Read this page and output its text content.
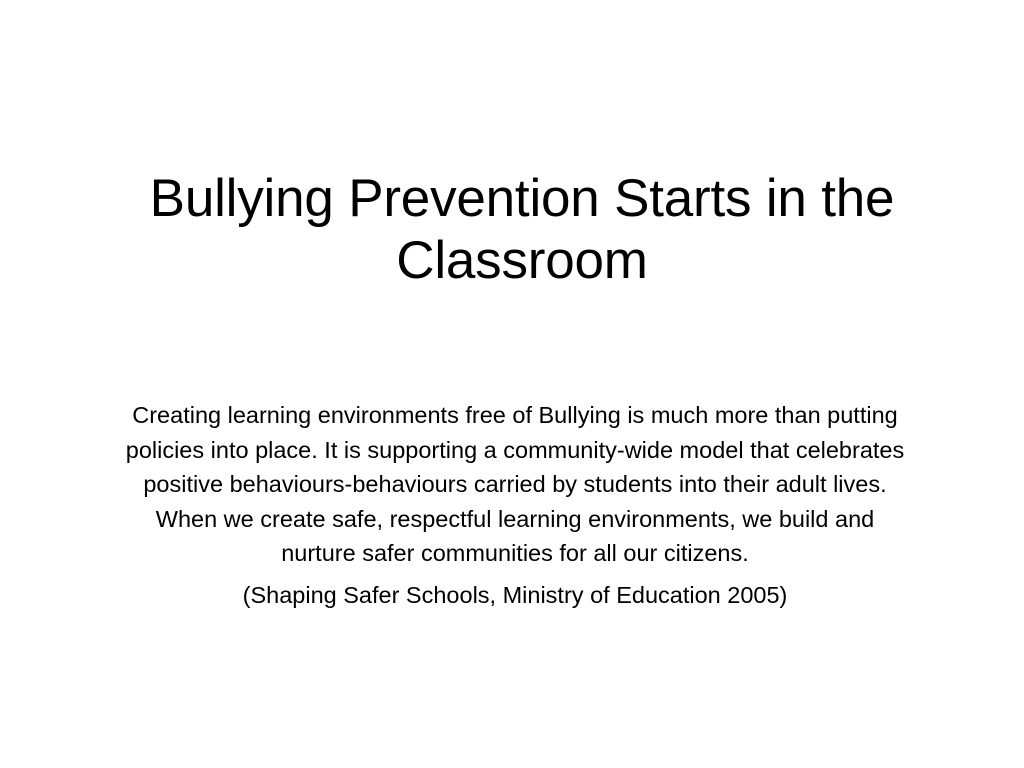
Bullying Prevention Starts in the Classroom

Creating learning environments free of Bullying is much more than putting policies into place. It is supporting a community-wide model that celebrates positive behaviours-behaviours carried by students into their adult lives. When we create safe, respectful learning environments, we build and nurture safer communities for all our citizens.

(Shaping Safer Schools, Ministry of Education 2005)
